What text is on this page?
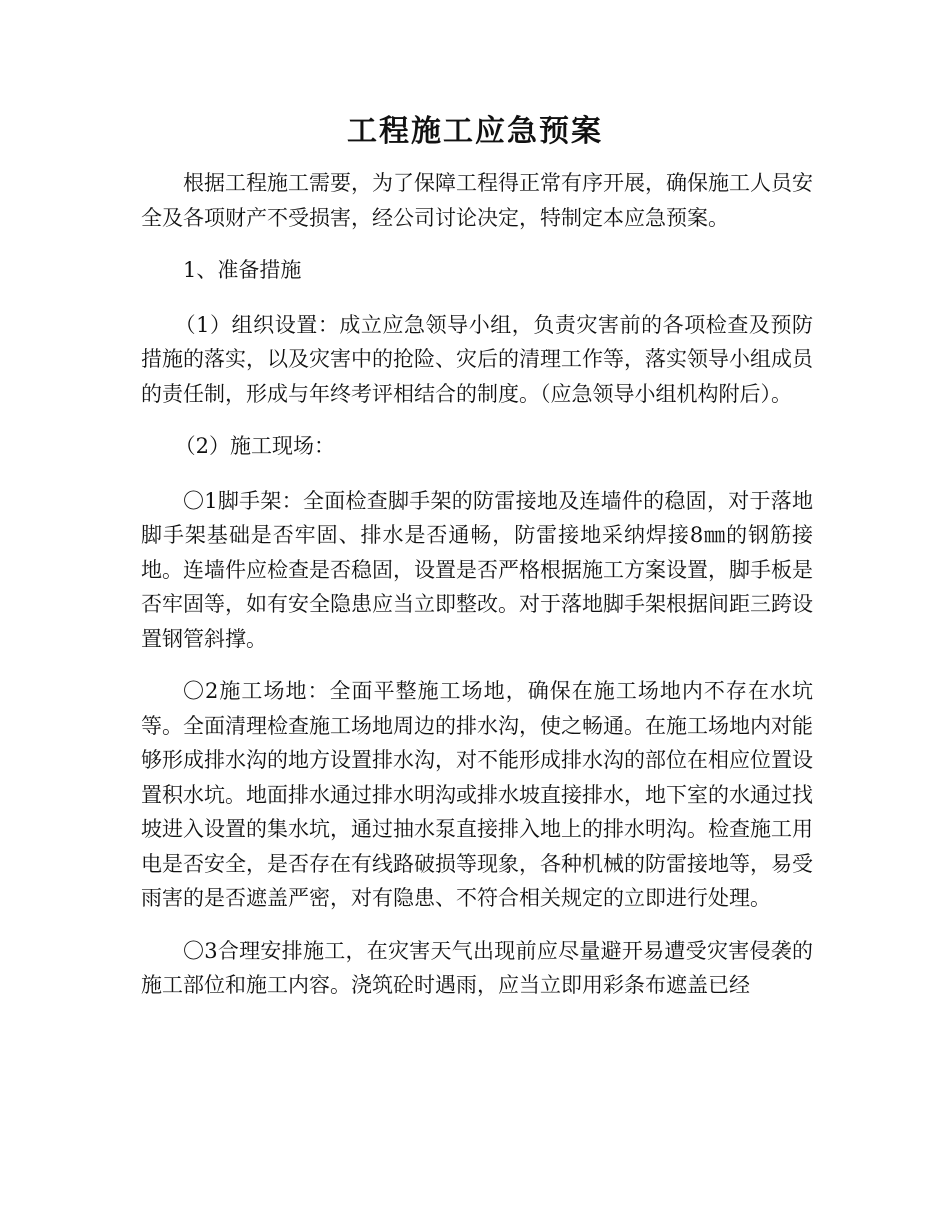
工程施工应急预案

根据工程施工需要，为了保障工程得正常有序开展，确保施工人员安全及各项财产不受损害，经公司讨论决定，特制定本应急预案。

1、准备措施

（1）组织设置：成立应急领导小组，负责灾害前的各项检查及预防措施的落实，以及灾害中的抢险、灾后的清理工作等，落实领导小组成员的责任制，形成与年终考评相结合的制度。（应急领导小组机构附后）。

（2）施工现场：

〇1脚手架：全面检查脚手架的防雷接地及连墙件的稳固，对于落地脚手架基础是否牢固、排水是否通畅，防雷接地采纳焊接8㎜的钢筋接地。连墙件应检查是否稳固，设置是否严格根据施工方案设置，脚手板是否牢固等，如有安全隐患应当立即整改。对于落地脚手架根据间距三跨设置钢管斜撑。

〇2施工场地：全面平整施工场地，确保在施工场地内不存在水坑等。全面清理检查施工场地周边的排水沟，使之畅通。在施工场地内对能够形成排水沟的地方设置排水沟，对不能形成排水沟的部位在相应位置设置积水坑。地面排水通过排水明沟或排水坡直接排水，地下室的水通过找坡进入设置的集水坑，通过抽水泵直接排入地上的排水明沟。检查施工用电是否安全，是否存在有线路破损等现象，各种机械的防雷接地等，易受雨害的是否遮盖严密，对有隐患、不符合相关规定的立即进行处理。

〇3合理安排施工，在灾害天气出现前应尽量避开易遭受灾害侵袭的施工部位和施工内容。浇筑砼时遇雨，应当立即用彩条布遮盖已经
